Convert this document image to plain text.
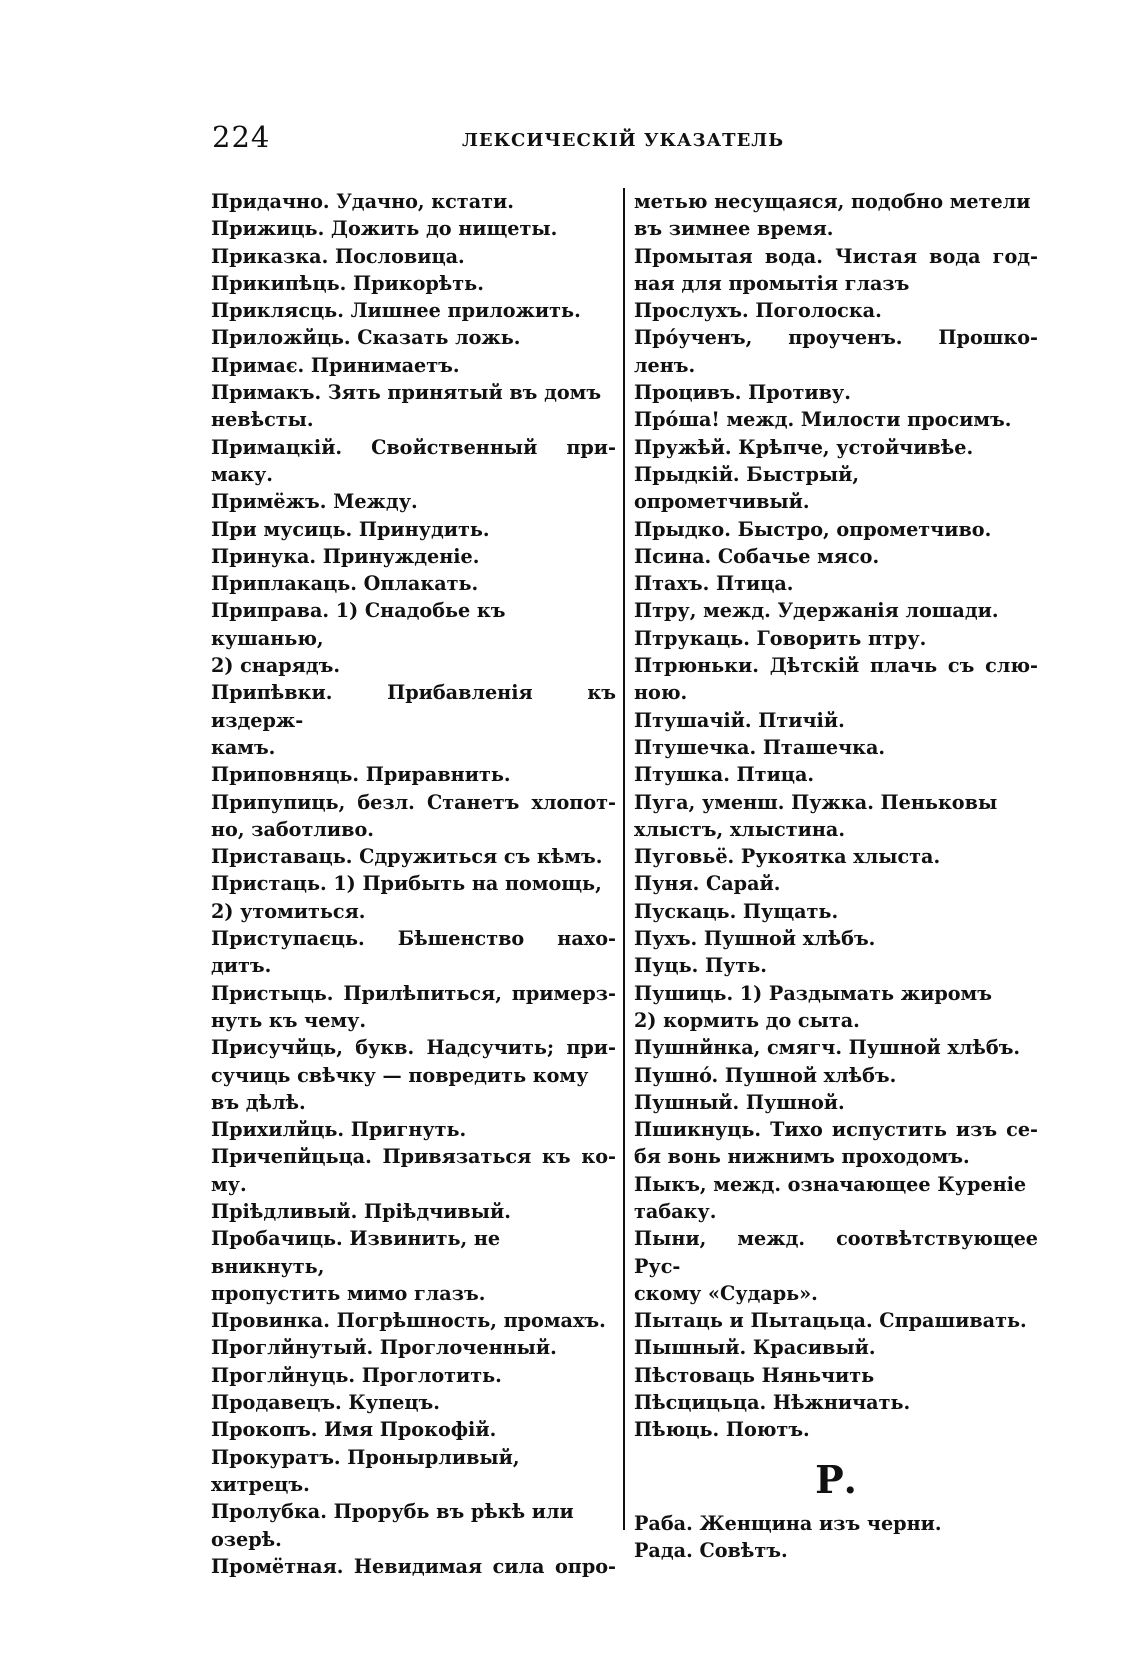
224	ЛЕКСИЧЕСКІЙ УКАЗАТЕЛЬ

Придачно. Удачно, кстати.

Прижиць. Дожить до нищеты.

Приказка. Пословица.

Прикипѣць. Прикорѣть.

Приклясць. Лишнее приложить.

Приложйць. Сказать ложь.

Примає. Принимаетъ.

Примакъ. Зять принятый въ домъ

невѣсты.

Примацкій. Свойственный при-

маку.

Примёжъ. Между.

При мусиць. Принудить.

Принука. Принужденіе.

Приплакаць. Оплакать.

Приправа. 1) Снадобье къ кушанью,

2) снарядъ.

Припѣвки. Прибавленія къ издерж-

камъ.

Приповняць. Приравнить.

Припупиць, безл. Станетъ хлопот-

но, заботливо.

Приставаць. Сдружиться съ кѣмъ.

Пристаць. 1) Прибыть на помощь,

2) утомиться.

Приступаєць. Бѣшенство нахо-

дитъ.

Пристыць. Прилѣпиться, примерз-

нуть къ чему.

Присучйць, букв. Надсучить; при-

сучиць свѣчку — повредить кому

въ дѣлѣ.

Прихилйць. Пригнуть.

Причепйцьца. Привязаться къ ко-

му.

Прiѣдливый. Прiѣдчивый.

Пробачиць. Извинить, не вникнуть,

пропустить мимо глазъ.

Провинка. Погрѣшность, промахъ.

Проглйнутый. Проглоченный.

Проглйнуць. Проглотить.

Продавецъ. Купецъ.

Прокопъ. Имя Прокофій.

Прокуратъ. Пронырливый, хитрецъ.

Пролубка. Прорубь въ рѣкѣ или

озерѣ.

Промётная. Невидимая сила опро-

метью несущаяся, подобно метели

въ зимнее время.

Промытая вода. Чистая вода год-

ная для промытія глазъ

Прослухъ. Поголоска.

Прóученъ, проученъ. Прошко-

ленъ.

Процивъ. Противу.

Прóша! межд. Милости просимъ.

Пружѣй. Крѣпче, устойчивѣе.

Прыдкій. Быстрый, опрометчивый.

Прыдко. Быстро, опрометчиво.

Псина. Собачье мясо.

Птахъ. Птица.

Птру, межд. Удержанія лошади.

Птрукаць. Говорить птру.

Птрюньки. Дѣтскій плачь съ слю-

ною.

Птушачій. Птичій.

Птушечка. Пташечка.

Птушка. Птица.

Пуга, уменш. Пужка. Пеньковы

хлыстъ, хлыстина.

Пуговьё. Рукоятка хлыста.

Пуня. Сарай.

Пускаць. Пущать.

Пухъ. Пушной хлѣбъ.

Пуць. Путь.

Пушиць. 1) Раздымать жиромъ

2) кормить до сыта.

Пушнйнка, смягч. Пушной хлѣбъ.

Пушнó. Пушной хлѣбъ.

Пушный. Пушной.

Пшикнуць. Тихо испустить изъ се-

бя вонь нижнимъ проходомъ.

Пыкъ, межд. означающее Куреніе

табаку.

Пыни, межд. соотвѣтствующее Рус-

скому «Сударь».

Пытаць и Пытацьца. Спрашивать.

Пышный. Красивый.

Пѣстоваць Няньчить

Пѣсцицьца. Нѣжничать.

Пѣюць. Поютъ.

Р.

Раба. Женщина изъ черни.

Рада. Совѣтъ.
